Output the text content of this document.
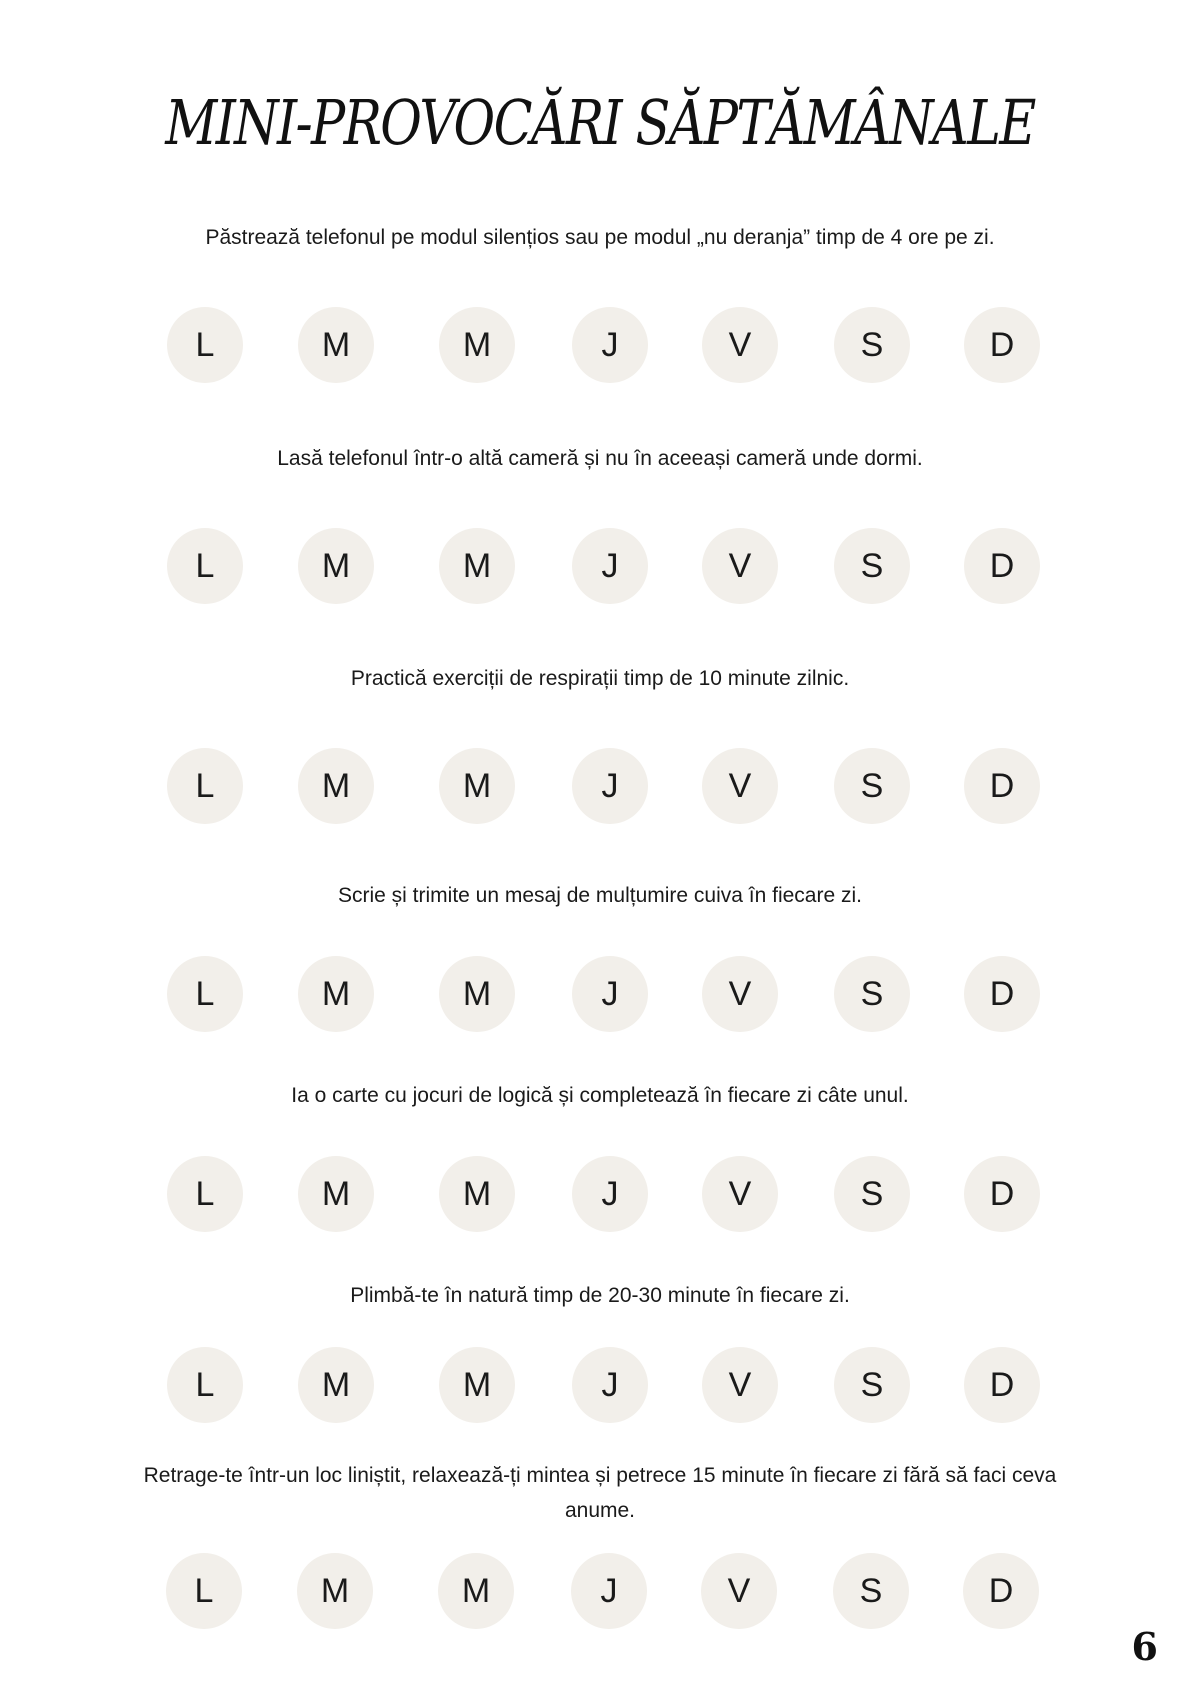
MINI-PROVOCĂRI SĂPTĂMÂNALE

Păstrează telefonul pe modul silențios sau pe modul „nu deranja” timp de 4 ore pe zi.

L	M	M	J	V	S	D

Lasă telefonul într-o altă cameră și nu în aceeași cameră unde dormi.

L	M	M	J	V	S	D

Practică exerciții de respirații timp de 10 minute zilnic.

L	M	M	J	V	S	D

Scrie și trimite un mesaj de mulțumire cuiva în fiecare zi.

L	M	M	J	V	S	D

Ia o carte cu jocuri de logică și completează în fiecare zi câte unul.

L	M	M	J	V	S	D

Plimbă-te în natură timp de 20-30 minute în fiecare zi.

L	M	M	J	V	S	D

Retrage-te într-un loc liniștit, relaxează-ți mintea și petrece 15 minute în fiecare zi fără să faci ceva anume.

L	M	M	J	V	S	D
6
